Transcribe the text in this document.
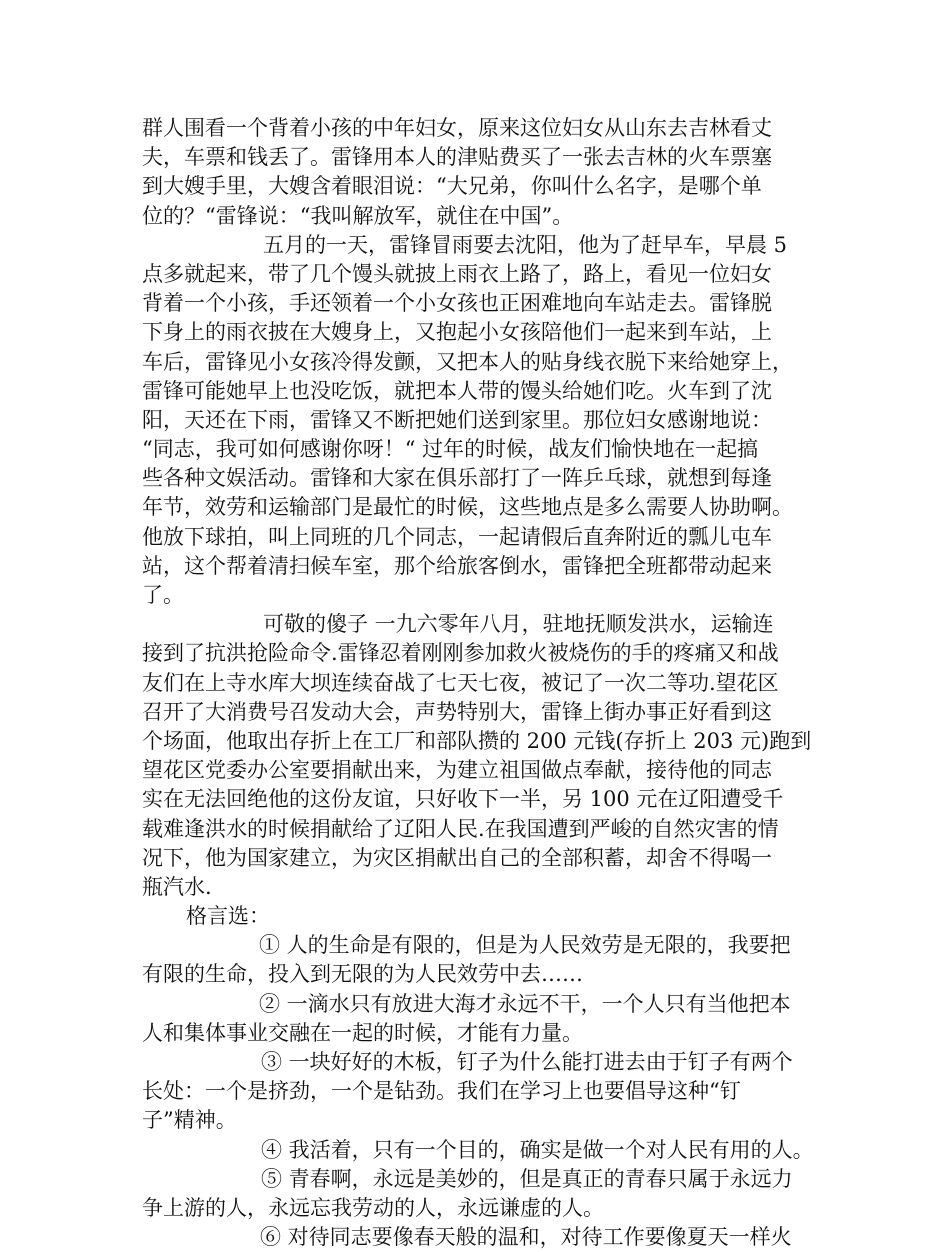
群人围看一个背着小孩的中年妇女，原来这位妇女从山东去吉林看丈
夫，车票和钱丢了。雷锋用本人的津贴费买了一张去吉林的火车票塞
到大嫂手里，大嫂含着眼泪说：“大兄弟，你叫什么名字，是哪个单
位的？“雷锋说：“我叫解放军，就住在中国”。
五月的一天，雷锋冒雨要去沈阳，他为了赶早车，早晨 5
点多就起来，带了几个馒头就披上雨衣上路了，路上，看见一位妇女
背着一个小孩，手还领着一个小女孩也正困难地向车站走去。雷锋脱
下身上的雨衣披在大嫂身上，又抱起小女孩陪他们一起来到车站，上
车后，雷锋见小女孩冷得发颤，又把本人的贴身线衣脱下来给她穿上，
雷锋可能她早上也没吃饭，就把本人带的馒头给她们吃。火车到了沈
阳，天还在下雨，雷锋又不断把她们送到家里。那位妇女感谢地说：
“同志，我可如何感谢你呀！“ 过年的时候，战友们愉快地在一起搞
些各种文娱活动。雷锋和大家在俱乐部打了一阵乒乓球，就想到每逢
年节，效劳和运输部门是最忙的时候，这些地点是多么需要人协助啊。
他放下球拍，叫上同班的几个同志，一起请假后直奔附近的瓢儿屯车
站，这个帮着清扫候车室，那个给旅客倒水，雷锋把全班都带动起来
了。
可敬的傻子 一九六零年八月，驻地抚顺发洪水，运输连
接到了抗洪抢险命令.雷锋忍着刚刚参加救火被烧伤的手的疼痛又和战
友们在上寺水库大坝连续奋战了七天七夜，被记了一次二等功.望花区
召开了大消费号召发动大会，声势特别大，雷锋上街办事正好看到这
个场面，他取出存折上在工厂和部队攒的 200 元钱(存折上 203 元)跑到
望花区党委办公室要捐献出来，为建立祖国做点奉献，接待他的同志
实在无法回绝他的这份友谊，只好收下一半，另 100 元在辽阳遭受千
载难逢洪水的时候捐献给了辽阳人民.在我国遭到严峻的自然灾害的情
况下，他为国家建立，为灾区捐献出自己的全部积蓄，却舍不得喝一
瓶汽水.
格言选：
① 人的生命是有限的，但是为人民效劳是无限的，我要把
有限的生命，投入到无限的为人民效劳中去……
② 一滴水只有放进大海才永远不干，一个人只有当他把本
人和集体事业交融在一起的时候，才能有力量。
③ 一块好好的木板，钉子为什么能打进去由于钉子有两个
长处：一个是挤劲，一个是钻劲。我们在学习上也要倡导这种“钉
子”精神。
④ 我活着，只有一个目的，确实是做一个对人民有用的人。
⑤ 青春啊，永远是美妙的，但是真正的青春只属于永远力
争上游的人，永远忘我劳动的人，永远谦虚的人。
⑥ 对待同志要像春天般的温和，对待工作要像夏天一样火
